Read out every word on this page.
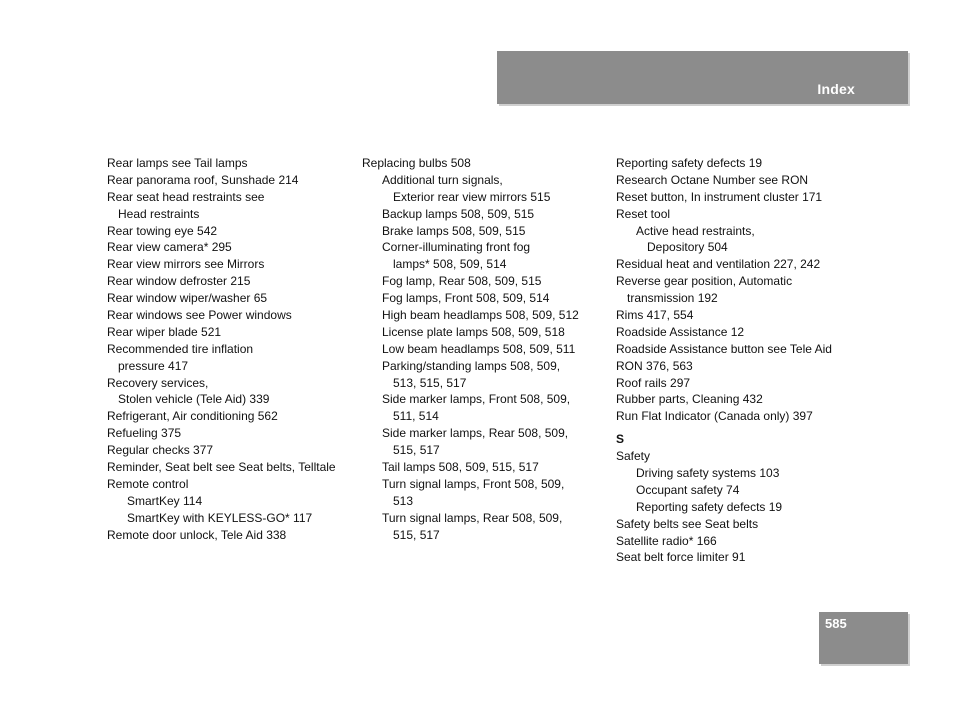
Index
Rear lamps see Tail lamps
Rear panorama roof, Sunshade 214
Rear seat head restraints see
Head restraints
Rear towing eye 542
Rear view camera* 295
Rear view mirrors see Mirrors
Rear window defroster 215
Rear window wiper/washer 65
Rear windows see Power windows
Rear wiper blade 521
Recommended tire inflation
pressure 417
Recovery services,
Stolen vehicle (Tele Aid) 339
Refrigerant, Air conditioning 562
Refueling 375
Regular checks 377
Reminder, Seat belt see Seat belts, Telltale
Remote control
SmartKey 114
SmartKey with KEYLESS-GO* 117
Remote door unlock, Tele Aid 338
Replacing bulbs 508
Additional turn signals,
Exterior rear view mirrors 515
Backup lamps 508, 509, 515
Brake lamps 508, 509, 515
Corner-illuminating front fog
lamps* 508, 509, 514
Fog lamp, Rear 508, 509, 515
Fog lamps, Front 508, 509, 514
High beam headlamps 508, 509, 512
License plate lamps 508, 509, 518
Low beam headlamps 508, 509, 511
Parking/standing lamps 508, 509,
513, 515, 517
Side marker lamps, Front 508, 509,
511, 514
Side marker lamps, Rear 508, 509,
515, 517
Tail lamps 508, 509, 515, 517
Turn signal lamps, Front 508, 509,
513
Turn signal lamps, Rear 508, 509,
515, 517
Reporting safety defects 19
Research Octane Number see RON
Reset button, In instrument cluster 171
Reset tool
Active head restraints,
Depository 504
Residual heat and ventilation 227, 242
Reverse gear position, Automatic
transmission 192
Rims 417, 554
Roadside Assistance 12
Roadside Assistance button see Tele Aid
RON 376, 563
Roof rails 297
Rubber parts, Cleaning 432
Run Flat Indicator (Canada only) 397
S
Safety
Driving safety systems 103
Occupant safety 74
Reporting safety defects 19
Safety belts see Seat belts
Satellite radio* 166
Seat belt force limiter 91
585
